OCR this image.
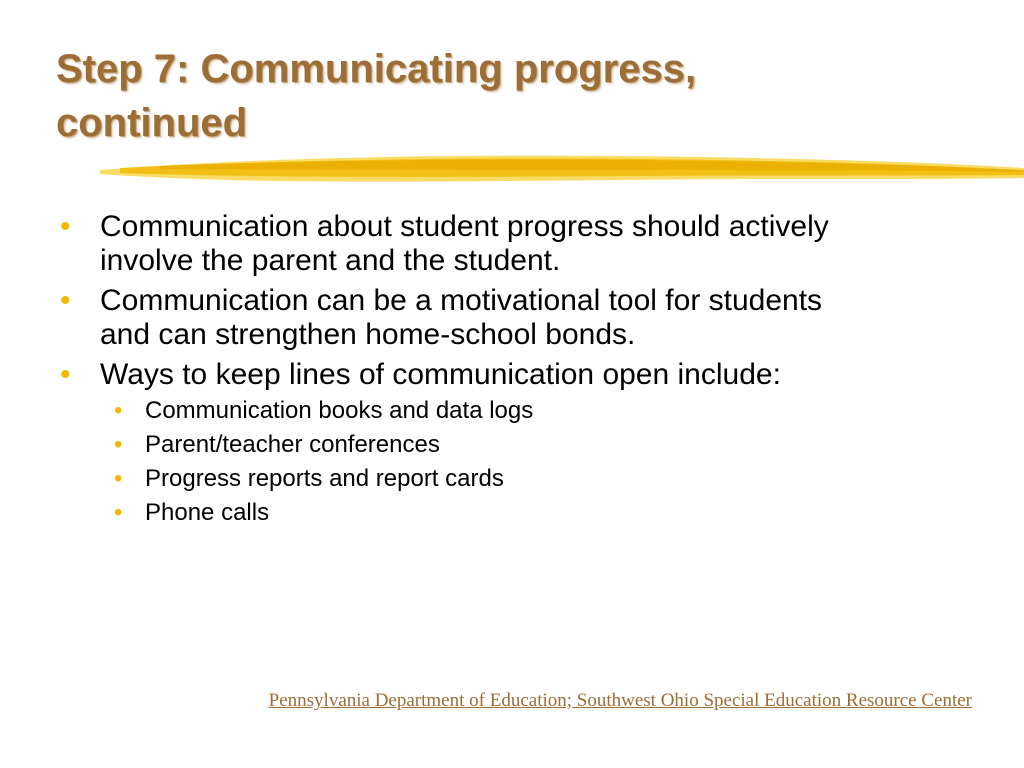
Step 7: Communicating progress,
continued
• Communication about student progress should actively
involve the parent and the student.
• Communication can be a motivational tool for students
and can strengthen home-school bonds.
• Ways to keep lines of communication open include:
• Communication books and data logs
• Parent/teacher conferences
• Progress reports and report cards
• Phone calls
Pennsylvania Department of Education; Southwest Ohio Special Education Resource Center
